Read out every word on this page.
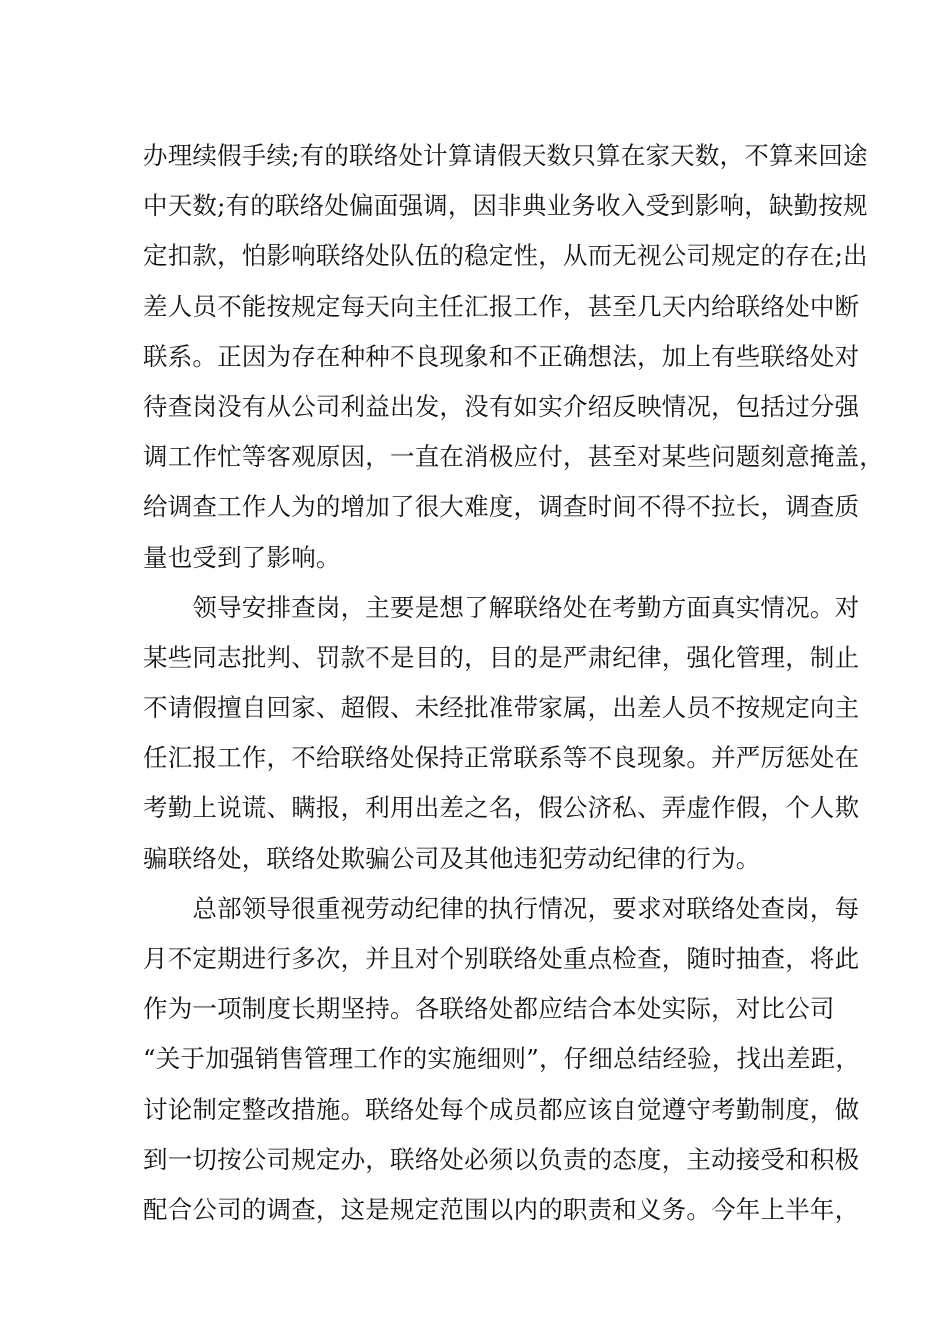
办理续假手续;有的联络处计算请假天数只算在家天数，不算来回途
中天数;有的联络处偏面强调，因非典业务收入受到影响，缺勤按规
定扣款，怕影响联络处队伍的稳定性，从而无视公司规定的存在;出
差人员不能按规定每天向主任汇报工作，甚至几天内给联络处中断
联系。正因为存在种种不良现象和不正确想法，加上有些联络处对
待查岗没有从公司利益出发，没有如实介绍反映情况，包括过分强
调工作忙等客观原因，一直在消极应付，甚至对某些问题刻意掩盖，
给调查工作人为的增加了很大难度，调查时间不得不拉长，调查质
量也受到了影响。
　　领导安排查岗，主要是想了解联络处在考勤方面真实情况。对
某些同志批判、罚款不是目的，目的是严肃纪律，强化管理，制止
不请假擅自回家、超假、未经批准带家属，出差人员不按规定向主
任汇报工作，不给联络处保持正常联系等不良现象。并严厉惩处在
考勤上说谎、瞒报，利用出差之名，假公济私、弄虚作假，个人欺
骗联络处，联络处欺骗公司及其他违犯劳动纪律的行为。
　　总部领导很重视劳动纪律的执行情况，要求对联络处查岗，每
月不定期进行多次，并且对个别联络处重点检查，随时抽查，将此
作为一项制度长期坚持。各联络处都应结合本处实际，对比公司
“关于加强销售管理工作的实施细则”，仔细总结经验，找出差距，
讨论制定整改措施。联络处每个成员都应该自觉遵守考勤制度，做
到一切按公司规定办，联络处必须以负责的态度，主动接受和积极
配合公司的调查，这是规定范围以内的职责和义务。今年上半年，
